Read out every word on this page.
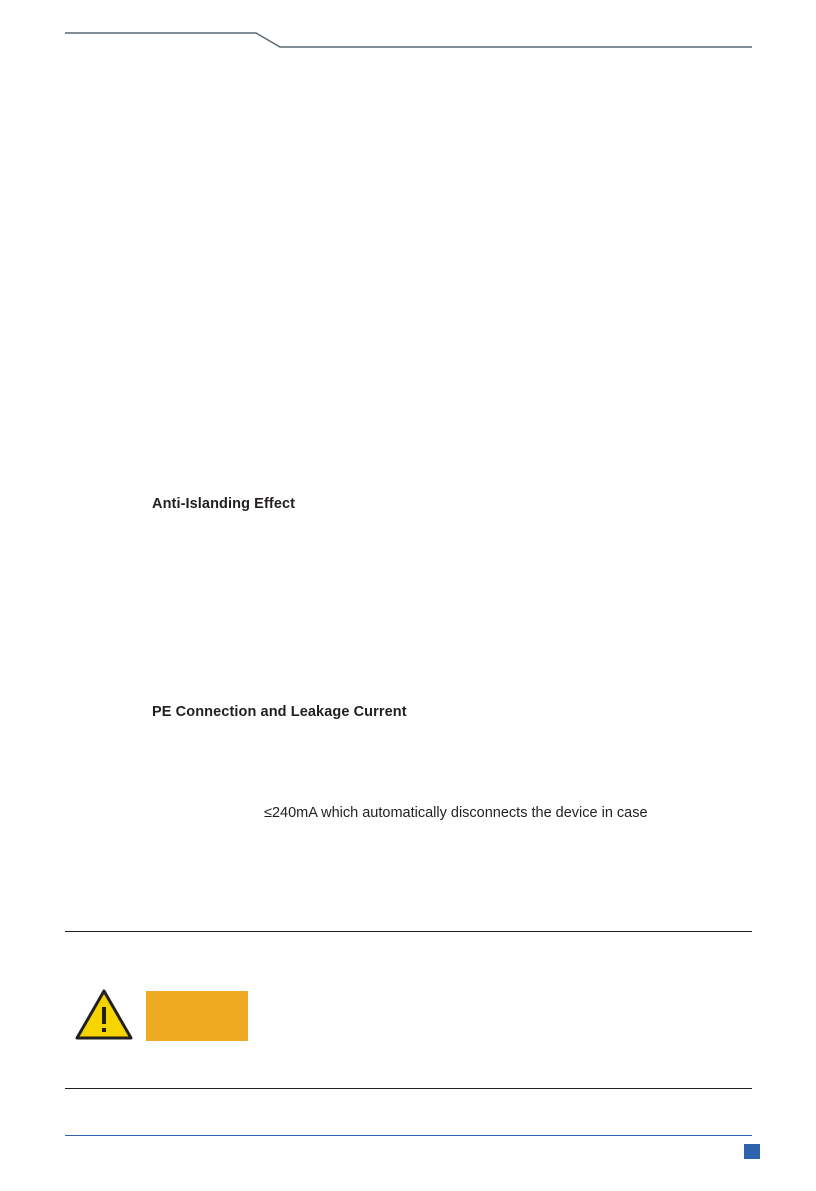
Anti-Islanding Effect
PE Connection and Leakage Current
≤240mA which automatically disconnects the device in case
